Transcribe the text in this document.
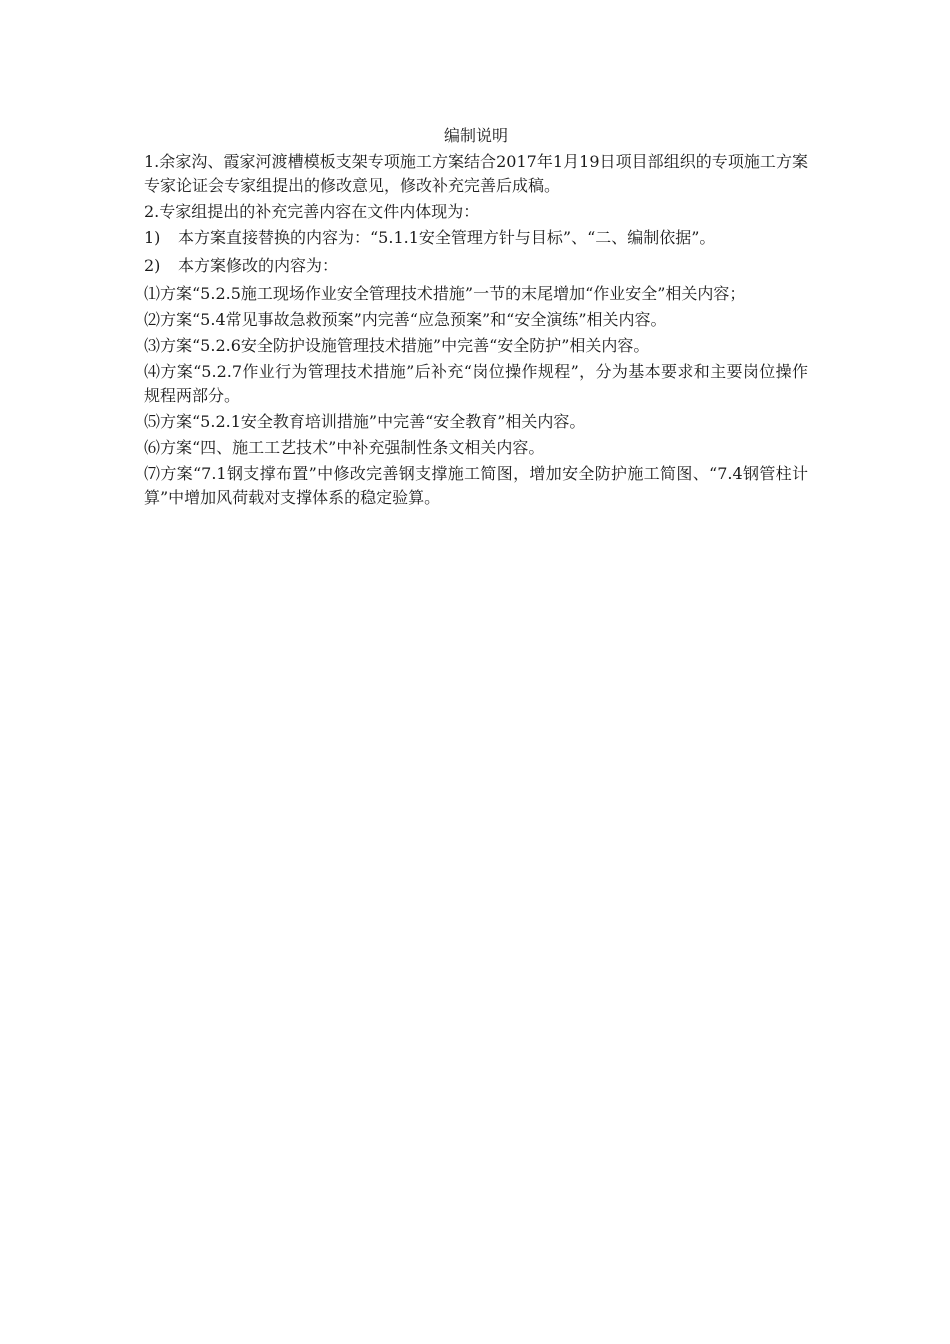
编制说明

1.余家沟、霞家河渡槽模板支架专项施工方案结合2017年1月19日项目部组织的专项施工方案专家论证会专家组提出的修改意见，修改补充完善后成稿。

2.专家组提出的补充完善内容在文件内体现为：

1)	本方案直接替换的内容为：“5.1.1安全管理方针与目标”、“二、编制依据”。
2)	本方案修改的内容为：

⑴方案“5.2.5施工现场作业安全管理技术措施”一节的末尾增加“作业安全”相关内容；

⑵方案“5.4常见事故急救预案”内完善“应急预案”和“安全演练”相关内容。

⑶方案“5.2.6安全防护设施管理技术措施”中完善“安全防护”相关内容。

⑷方案“5.2.7作业行为管理技术措施”后补充“岗位操作规程”，分为基本要求和主要岗位操作规程两部分。

⑸方案“5.2.1安全教育培训措施”中完善“安全教育”相关内容。

⑹方案“四、施工工艺技术”中补充强制性条文相关内容。

⑺方案“7.1钢支撑布置”中修改完善钢支撑施工简图，增加安全防护施工简图、“7.4钢管柱计算”中增加风荷载对支撑体系的稳定验算。
